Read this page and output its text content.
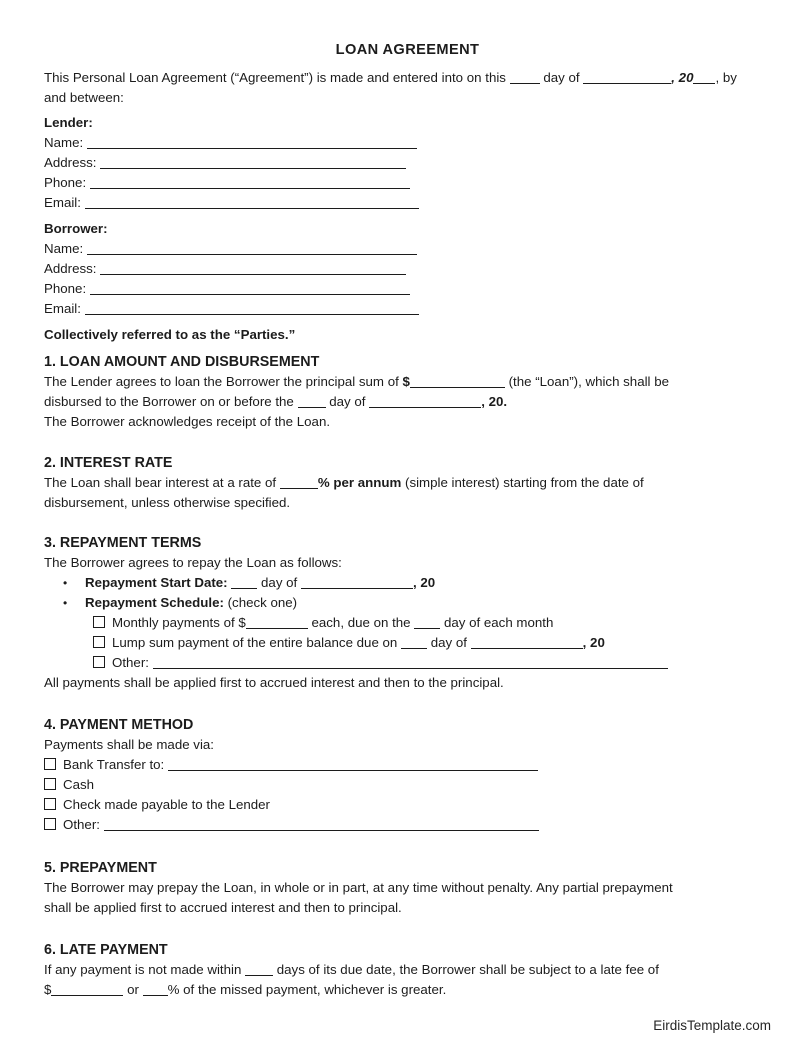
LOAN AGREEMENT
This Personal Loan Agreement (“Agreement”) is made and entered into on this	day of	, 20 , by
and between:
Lender:
Name:
Address:
Phone:
Email:
Borrower:
Name:
Address:
Phone:
Email:
Collectively referred to as the “Parties.”
1. LOAN AMOUNT AND DISBURSEMENT
The Lender agrees to loan the Borrower the principal sum of $	(the “Loan”), which shall be
disbursed to the Borrower on or before the	day of	, 20.
The Borrower acknowledges receipt of the Loan.
2. INTEREST RATE
The Loan shall bear interest at a rate of	% per annum (simple interest) starting from the date of
disbursement, unless otherwise specified.
3. REPAYMENT TERMS
The Borrower agrees to repay the Loan as follows:
• Repayment Start Date:	day of	, 20
• Repayment Schedule: (check one)
Monthly payments of $	each, due on the	day of each month
Lump sum payment of the entire balance due on	day of	, 20
Other:
All payments shall be applied first to accrued interest and then to the principal.
4. PAYMENT METHOD
Payments shall be made via:
Bank Transfer to:
Cash
Check made payable to the Lender
Other:
5. PREPAYMENT
The Borrower may prepay the Loan, in whole or in part, at any time without penalty. Any partial prepayment
shall be applied first to accrued interest and then to principal.
6. LATE PAYMENT
If any payment is not made within	days of its due date, the Borrower shall be subject to a late fee of
$	or % of the missed payment, whichever is greater.
EirdisTemplate.com
